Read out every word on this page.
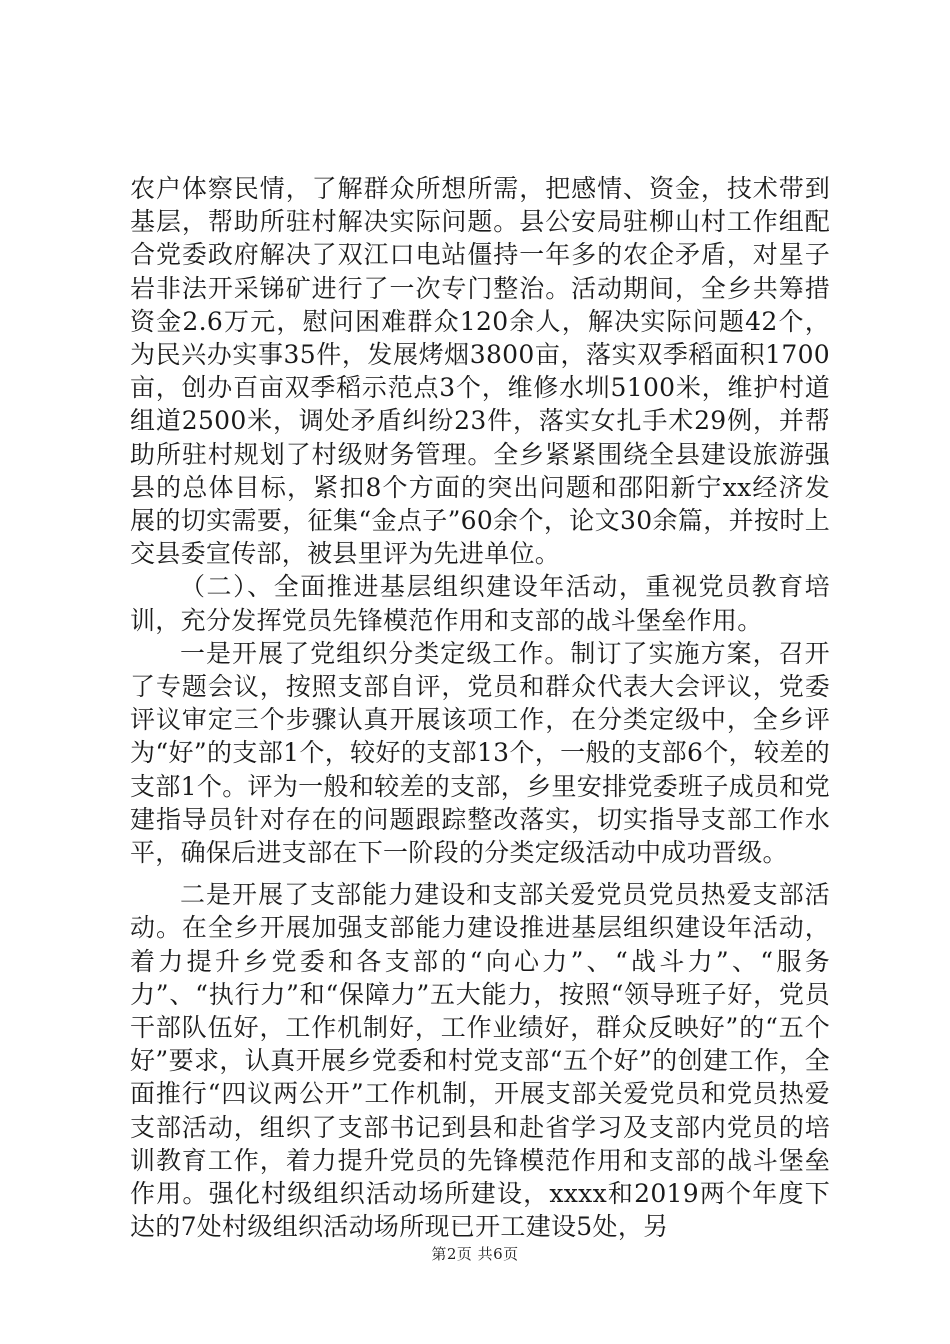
农户体察民情，了解群众所想所需，把感情、资金，技术带到基层，帮助所驻村解决实际问题。县公安局驻柳山村工作组配合党委政府解决了双江口电站僵持一年多的农企矛盾，对星子岩非法开采锑矿进行了一次专门整治。活动期间，全乡共筹措资金2.6万元，慰问困难群众120余人，解决实际问题42个，为民兴办实事35件，发展烤烟3800亩，落实双季稻面积1700亩，创办百亩双季稻示范点3个，维修水圳5100米，维护村道组道2500米，调处矛盾纠纷23件，落实女扎手术29例，并帮助所驻村规划了村级财务管理。全乡紧紧围绕全县建设旅游强县的总体目标，紧扣8个方面的突出问题和邵阳新宁xx经济发展的切实需要，征集“金点子”60余个，论文30余篇，并按时上交县委宣传部，被县里评为先进单位。

（二）、全面推进基层组织建设年活动，重视党员教育培训，充分发挥党员先锋模范作用和支部的战斗堡垒作用。

一是开展了党组织分类定级工作。制订了实施方案，召开了专题会议，按照支部自评，党员和群众代表大会评议，党委评议审定三个步骤认真开展该项工作，在分类定级中，全乡评为“好”的支部1个，较好的支部13个，一般的支部6个，较差的支部1个。评为一般和较差的支部，乡里安排党委班子成员和党建指导员针对存在的问题跟踪整改落实，切实指导支部工作水平，确保后进支部在下一阶段的分类定级活动中成功晋级。

二是开展了支部能力建设和支部关爱党员党员热爱支部活动。在全乡开展加强支部能力建设推进基层组织建设年活动，着力提升乡党委和各支部的“向心力”、“战斗力”、“服务力”、“执行力”和“保障力”五大能力，按照“领导班子好，党员干部队伍好，工作机制好，工作业绩好，群众反映好”的“五个好”要求，认真开展乡党委和村党支部“五个好”的创建工作，全面推行“四议两公开”工作机制，开展支部关爱党员和党员热爱支部活动，组织了支部书记到县和赴省学习及支部内党员的培训教育工作，着力提升党员的先锋模范作用和支部的战斗堡垒作用。强化村级组织活动场所建设，xxxx和2019两个年度下达的7处村级组织活动场所现已开工建设5处，另

第2页 共6页
